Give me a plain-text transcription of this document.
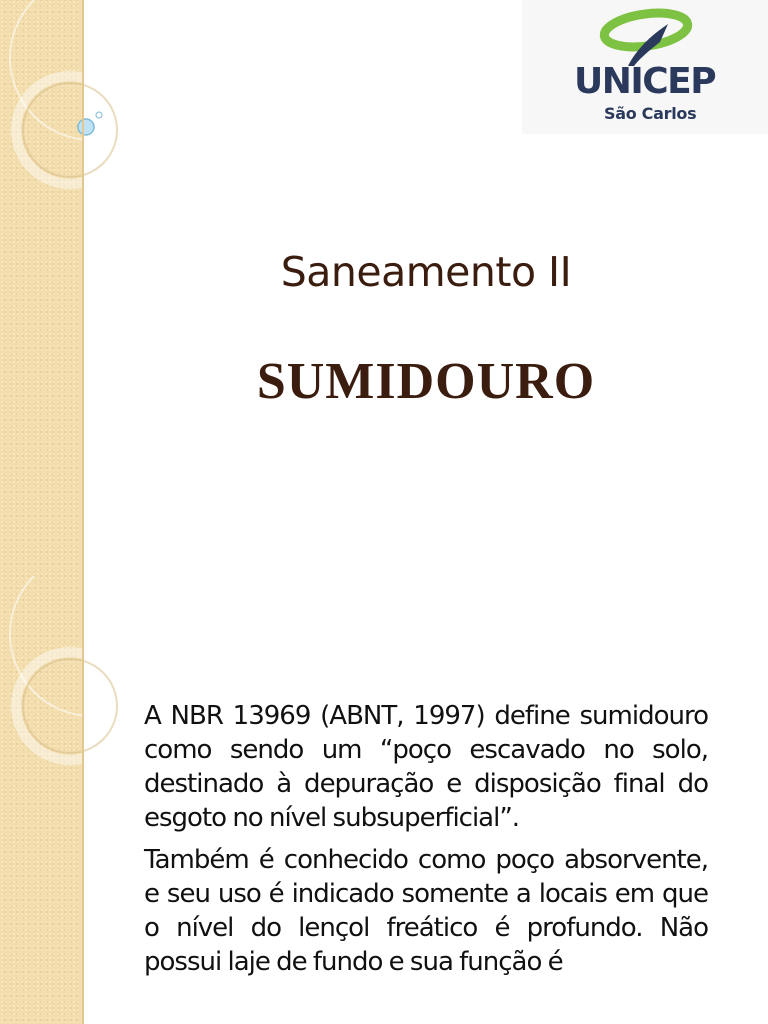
UNICEP
São Carlos
Saneamento II
SUMIDOURO

A NBR 13969 (ABNT, 1997) define sumidouro como sendo um “poço escavado no solo, destinado à depuração e disposição final do esgoto no nível subsuperficial”.

Também é conhecido como poço absorvente, e seu uso é indicado somente a locais em que o nível do lençol freático é profundo. Não possui laje de fundo e sua função é
